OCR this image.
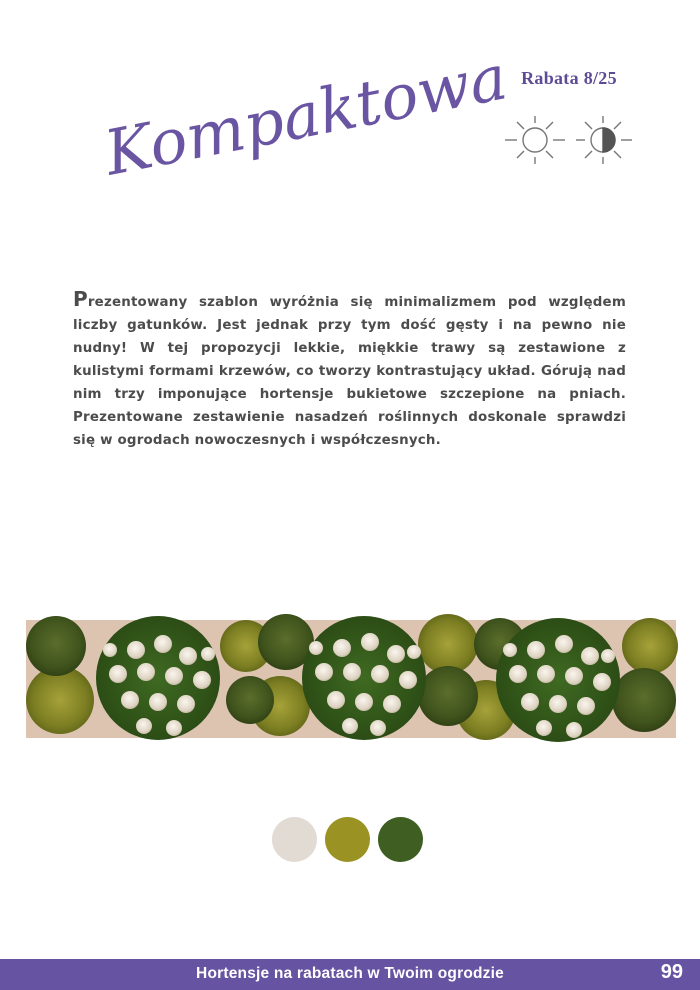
Kompaktowa Rabata 8/25
Prezentowany szablon wyróżnia się minimalizmem pod względem liczby gatunków. Jest jednak przy tym dość gęsty i na pewno nie nudny! W tej propozycji lekkie, miękkie trawy są zestawione z kulistymi formami krzewów, co tworzy kontrastujący układ. Górują nad nim trzy imponujące hortensje bukietowe szczepione na pniach. Prezentowane zestawienie nasadzeń roślinnych doskonale sprawdzi się w ogrodach nowoczesnych i współczesnych.
Hortensje na rabatach w Twoim ogrodzie	99
